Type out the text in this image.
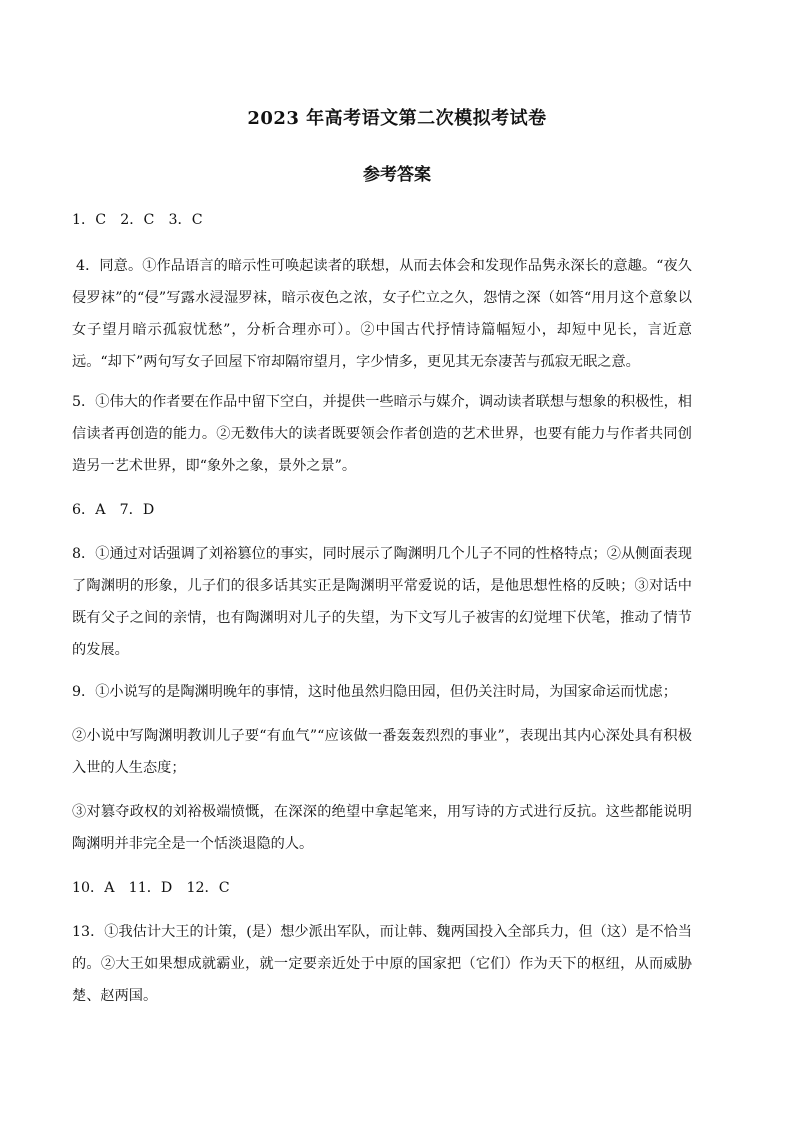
2023 年高考语文第二次模拟考试卷
参考答案

1．C　2．C　3．C

4．同意。①作品语言的暗示性可唤起读者的联想，从而去体会和发现作品隽永深长的意趣。“夜久侵罗袜”的“侵”写露水浸湿罗袜，暗示夜色之浓，女子伫立之久，怨情之深（如答“用月这个意象以女子望月暗示孤寂忧愁”，分析合理亦可）。②中国古代抒情诗篇幅短小，却短中见长，言近意远。“却下”两句写女子回屋下帘却隔帘望月，字少情多，更见其无奈凄苦与孤寂无眠之意。

5．①伟大的作者要在作品中留下空白，并提供一些暗示与媒介，调动读者联想与想象的积极性，相信读者再创造的能力。②无数伟大的读者既要领会作者创造的艺术世界，也要有能力与作者共同创造另一艺术世界，即“象外之象，景外之景”。

6．A　7．D

8．①通过对话强调了刘裕篡位的事实，同时展示了陶渊明几个儿子不同的性格特点；②从侧面表现了陶渊明的形象，儿子们的很多话其实正是陶渊明平常爱说的话，是他思想性格的反映；③对话中既有父子之间的亲情，也有陶渊明对儿子的失望，为下文写儿子被害的幻觉埋下伏笔，推动了情节的发展。

9．①小说写的是陶渊明晚年的事情，这时他虽然归隐田园，但仍关注时局，为国家命运而忧虑；

②小说中写陶渊明教训儿子要“有血气”“应该做一番轰轰烈烈的事业”，表现出其内心深处具有积极入世的人生态度；

③对篡夺政权的刘裕极端愤慨，在深深的绝望中拿起笔来，用写诗的方式进行反抗。这些都能说明陶渊明并非完全是一个恬淡退隐的人。

10．A　11．D　12．C

13．①我估计大王的计策，(是）想少派出军队，而让韩、魏两国投入全部兵力，但（这）是不恰当的。②大王如果想成就霸业，就一定要亲近处于中原的国家把（它们）作为天下的枢纽，从而威胁楚、赵两国。
